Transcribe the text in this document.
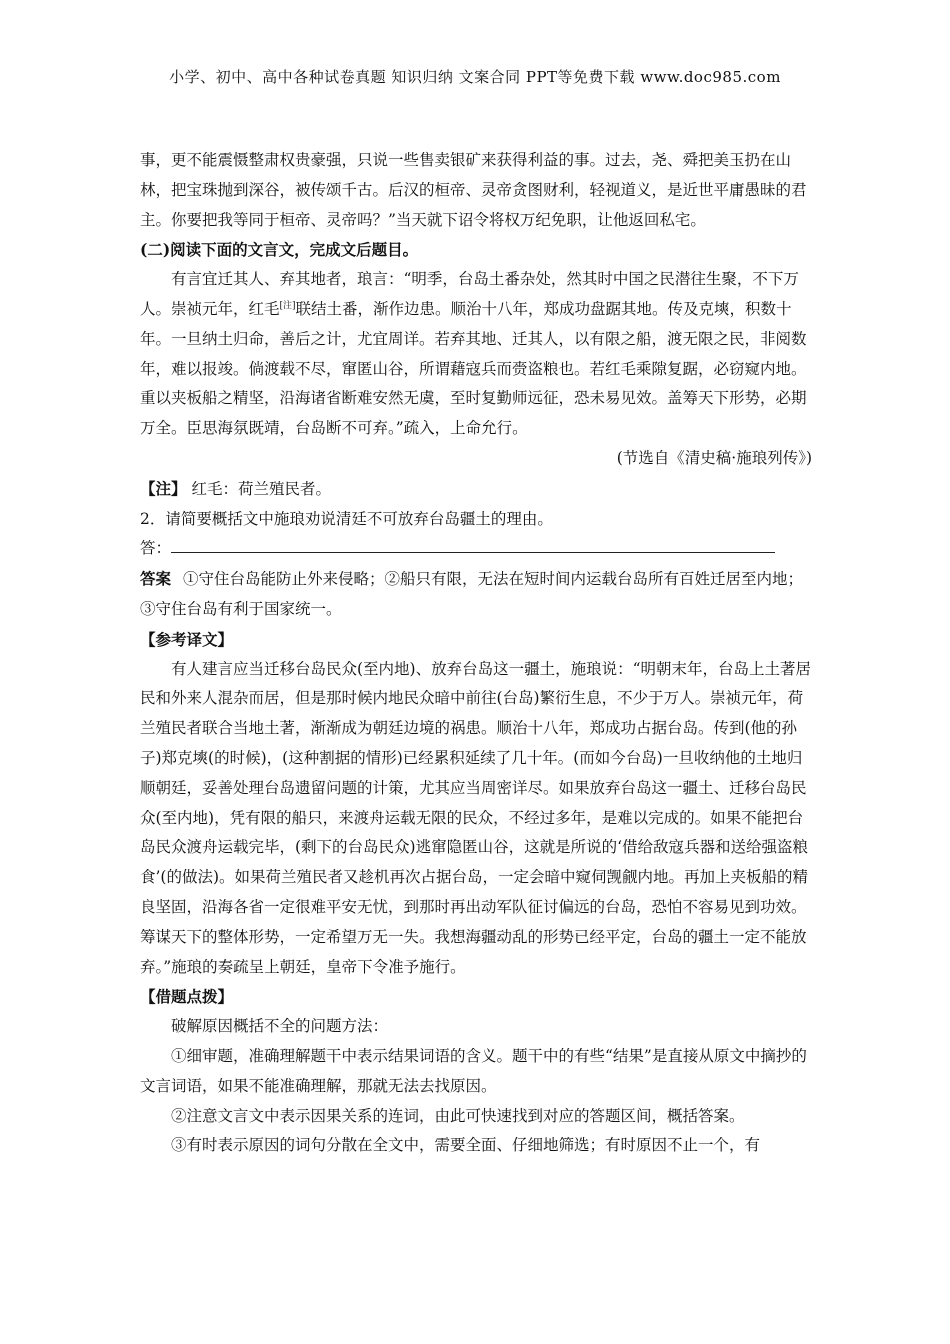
小学、初中、高中各种试卷真题 知识归纳 文案合同 PPT等免费下载 www.doc985.com

事，更不能震慑整肃权贵豪强，只说一些售卖银矿来获得利益的事。过去，尧、舜把美玉扔在山林，把宝珠抛到深谷，被传颂千古。后汉的桓帝、灵帝贪图财利，轻视道义，是近世平庸愚昧的君主。你要把我等同于桓帝、灵帝吗？”当天就下诏令将权万纪免职，让他返回私宅。

(二)阅读下面的文言文，完成文后题目。

有言宜迁其人、弃其地者，琅言：“明季，台岛土番杂处，然其时中国之民潜往生聚，不下万人。崇祯元年，红毛[注]联结土番，渐作边患。顺治十八年，郑成功盘踞其地。传及克塽，积数十年。一旦纳土归命，善后之计，尤宜周详。若弃其地、迁其人，以有限之船，渡无限之民，非阅数年，难以报竣。倘渡载不尽，窜匿山谷，所谓藉寇兵而赍盗粮也。若红毛乘隙复踞，必窃窥内地。重以夹板船之精坚，沿海诸省断难安然无虞，至时复勤师远征，恐未易见效。盖筹天下形势，必期万全。臣思海氛既靖，台岛断不可弃。”疏入，上命允行。

(节选自《清史稿·施琅列传》)

【注】 红毛：荷兰殖民者。

2．请简要概括文中施琅劝说清廷不可放弃台岛疆土的理由。

答：

答案 ①守住台岛能防止外来侵略；②船只有限，无法在短时间内运载台岛所有百姓迁居至内地；③守住台岛有利于国家统一。

【参考译文】

有人建言应当迁移台岛民众(至内地)、放弃台岛这一疆土，施琅说：“明朝末年，台岛上土著居民和外来人混杂而居，但是那时候内地民众暗中前往(台岛)繁衍生息，不少于万人。崇祯元年，荷兰殖民者联合当地土著，渐渐成为朝廷边境的祸患。顺治十八年，郑成功占据台岛。传到(他的孙子)郑克塽(的时候)，(这种割据的情形)已经累积延续了几十年。(而如今台岛)一旦收纳他的土地归顺朝廷，妥善处理台岛遗留问题的计策，尤其应当周密详尽。如果放弃台岛这一疆土、迁移台岛民众(至内地)，凭有限的船只，来渡舟运载无限的民众，不经过多年，是难以完成的。如果不能把台岛民众渡舟运载完毕，(剩下的台岛民众)逃窜隐匿山谷，这就是所说的‘借给敌寇兵器和送给强盗粮食’(的做法)。如果荷兰殖民者又趁机再次占据台岛，一定会暗中窥伺觊觎内地。再加上夹板船的精良坚固，沿海各省一定很难平安无忧，到那时再出动军队征讨偏远的台岛，恐怕不容易见到功效。筹谋天下的整体形势，一定希望万无一失。我想海疆动乱的形势已经平定，台岛的疆土一定不能放弃。”施琅的奏疏呈上朝廷，皇帝下令准予施行。

【借题点拨】

破解原因概括不全的问题方法：

①细审题，准确理解题干中表示结果词语的含义。题干中的有些“结果”是直接从原文中摘抄的文言词语，如果不能准确理解，那就无法去找原因。

②注意文言文中表示因果关系的连词，由此可快速找到对应的答题区间，概括答案。

③有时表示原因的词句分散在全文中，需要全面、仔细地筛选；有时原因不止一个，有
